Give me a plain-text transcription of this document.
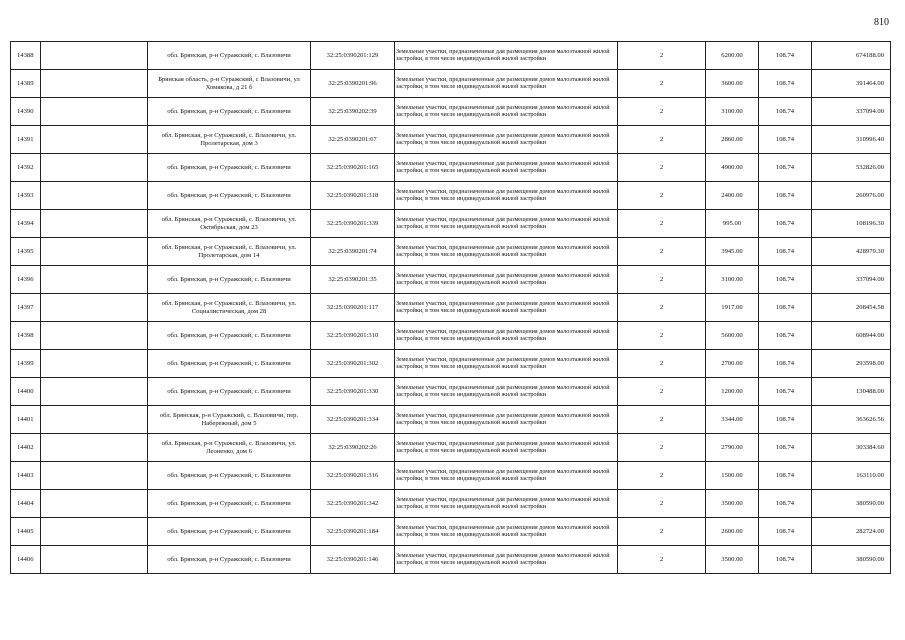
810
14388		обл. Брянская, р-н Суражский, с. Влазовичи	32:25:0390201:129	Земельные участки, предназначенные для размещения домов малоэтажной жилой застройки, в том числе индивидуальной жилой застройки	2	6200.00	108.74	674188.00
14389		Брянская область, р-н Суражский, с Влазовичи, ул Хомякова, д 21 б	32:25:0390201:96	Земельные участки, предназначенные для размещения домов малоэтажной жилой застройки, в том числе индивидуальной жилой застройки	2	3600.00	108.74	391464.00
14390		обл. Брянская, р-н Суражский, с. Влазовичи	32:25:0390202:39	Земельные участки, предназначенные для размещения домов малоэтажной жилой застройки, в том числе индивидуальной жилой застройки	2	3100.00	108.74	337094.00
14391		обл. Брянская, р-н Суражский, с. Влазовичи, ул. Пролетарская, дом 3	32:25:0390201:67	Земельные участки, предназначенные для размещения домов малоэтажной жилой застройки, в том числе индивидуальной жилой застройки	2	2860.00	108.74	310996.40
14392		обл. Брянская, р-н Суражский, с. Влазовичи	32:25:0390201:165	Земельные участки, предназначенные для размещения домов малоэтажной жилой застройки, в том числе индивидуальной жилой застройки	2	4900.00	108.74	532826.00
14393		обл. Брянская, р-н Суражский, с. Влазовичи	32:25:0390201:318	Земельные участки, предназначенные для размещения домов малоэтажной жилой застройки, в том числе индивидуальной жилой застройки	2	2400.00	108.74	260976.00
14394		обл. Брянская, р-н Суражский, с. Влазовичи, ул. Октябрьская, дом 23	32:25:0390201:339	Земельные участки, предназначенные для размещения домов малоэтажной жилой застройки, в том числе индивидуальной жилой застройки	2	995.00	108.74	108196.30
14395		обл. Брянская, р-н Суражский, с. Влазовичи, ул. Пролетарская, дом 14	32:25:0390201:74	Земельные участки, предназначенные для размещения домов малоэтажной жилой застройки, в том числе индивидуальной жилой застройки	2	3945.00	108.74	428979.30
14396		обл. Брянская, р-н Суражский, с. Влазовичи	32:25:0390201:35	Земельные участки, предназначенные для размещения домов малоэтажной жилой застройки, в том числе индивидуальной жилой застройки	2	3100.00	108.74	337094.00
14397		обл. Брянская, р-н Суражский, с. Влазовичи, ул. Социалистическая, дом 28	32:25:0390201:117	Земельные участки, предназначенные для размещения домов малоэтажной жилой застройки, в том числе индивидуальной жилой застройки	2	1917.00	108.74	208454.58
14398		обл. Брянская, р-н Суражский, с. Влазовичи	32:25:0390201:310	Земельные участки, предназначенные для размещения домов малоэтажной жилой застройки, в том числе индивидуальной жилой застройки	2	5600.00	108.74	608944.00
14399		обл. Брянская, р-н Суражский, с. Влазовичи	32:25:0390201:302	Земельные участки, предназначенные для размещения домов малоэтажной жилой застройки, в том числе индивидуальной жилой застройки	2	2700.00	108.74	293598.00
14400		обл. Брянская, р-н Суражский, с. Влазовичи	32:25:0390201:330	Земельные участки, предназначенные для размещения домов малоэтажной жилой застройки, в том числе индивидуальной жилой застройки	2	1200.00	108.74	130488.00
14401		обл. Брянская, р-н Суражский, с. Влазовичи, пер. Набережный, дом 5	32:25:0390201:334	Земельные участки, предназначенные для размещения домов малоэтажной жилой застройки, в том числе индивидуальной жилой застройки	2	3344.00	108.74	363626.56
14402		обл. Брянская, р-н Суражский, с. Влазовичи, ул. Леоненко, дом 6	32:25:0390202:26	Земельные участки, предназначенные для размещения домов малоэтажной жилой застройки, в том числе индивидуальной жилой застройки	2	2790.00	108.74	303384.60
14403		обл. Брянская, р-н Суражский, с. Влазовичи	32:25:0390201:316	Земельные участки, предназначенные для размещения домов малоэтажной жилой застройки, в том числе индивидуальной жилой застройки	2	1500.00	108.74	163110.00
14404		обл. Брянская, р-н Суражский, с. Влазовичи	32:25:0390201:342	Земельные участки, предназначенные для размещения домов малоэтажной жилой застройки, в том числе индивидуальной жилой застройки	2	3500.00	108.74	380590.00
14405		обл. Брянская, р-н Суражский, с. Влазовичи	32:25:0390201:184	Земельные участки, предназначенные для размещения домов малоэтажной жилой застройки, в том числе индивидуальной жилой застройки	2	2600.00	108.74	282724.00
14406		обл. Брянская, р-н Суражский, с. Влазовичи	32:25:0390201:146	Земельные участки, предназначенные для размещения домов малоэтажной жилой застройки, в том числе индивидуальной жилой застройки	2	3500.00	108.74	380590.00
